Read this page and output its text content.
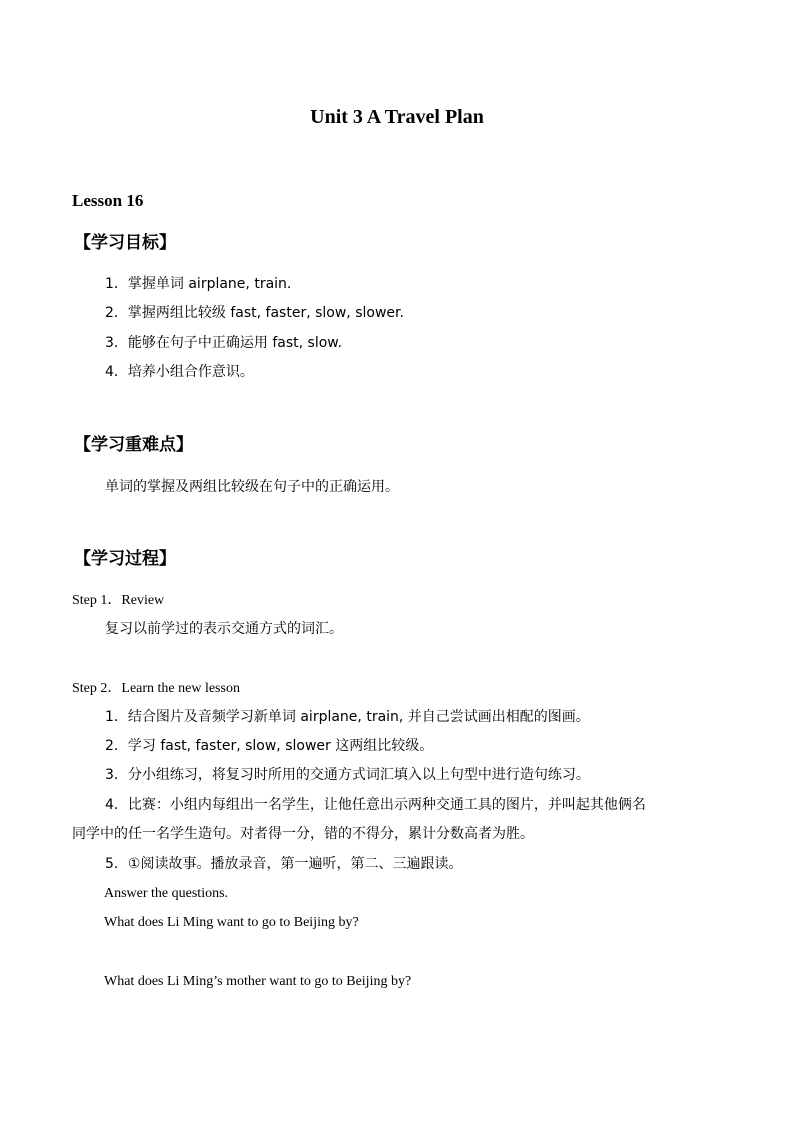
Unit 3 A Travel Plan
Lesson 16
【学习目标】
1．掌握单词 airplane, train.
2．掌握两组比较级 fast, faster, slow, slower.
3．能够在句子中正确运用 fast, slow.
4．培养小组合作意识。
【学习重难点】
单词的掌握及两组比较级在句子中的正确运用。
【学习过程】
Step 1．Review
复习以前学过的表示交通方式的词汇。
Step 2．Learn the new lesson
1．结合图片及音频学习新单词 airplane, train, 并自己尝试画出相配的图画。
2．学习 fast, faster, slow, slower 这两组比较级。
3．分小组练习，将复习时所用的交通方式词汇填入以上句型中进行造句练习。
4．比赛：小组内每组出一名学生，让他任意出示两种交通工具的图片，并叫起其他俩名
同学中的任一名学生造句。对者得一分，错的不得分，累计分数高者为胜。
5．①阅读故事。播放录音，第一遍听，第二、三遍跟读。
Answer the questions.
What does Li Ming want to go to Beijing by?
What does Li Ming’s mother want to go to Beijing by?
